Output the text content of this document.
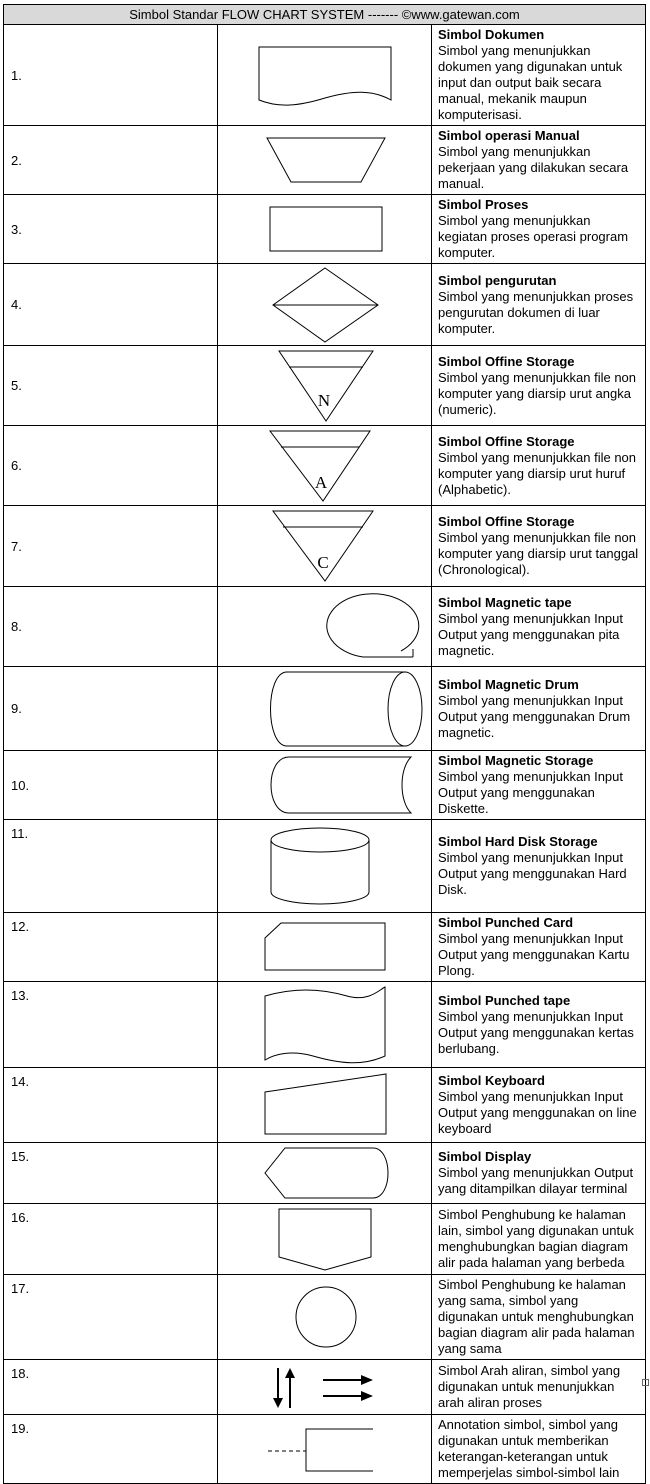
Simbol Standar FLOW CHART SYSTEM ------- ©www.gatewan.com		
1.		Simbol Dokumen
Simbol yang menunjukkan dokumen yang digunakan untuk input dan output baik secara manual, mekanik maupun komputerisasi.
2.		Simbol operasi Manual
Simbol yang menunjukkan pekerjaan yang dilakukan secara manual.
3.		Simbol Proses
Simbol yang menunjukkan kegiatan proses operasi program komputer.
4.		Simbol pengurutan
Simbol yang menunjukkan proses pengurutan dokumen di luar komputer.
5.	N	Simbol Offine Storage
Simbol yang menunjukkan file non komputer yang diarsip urut angka (numeric).
6.	A	Simbol Offine Storage
Simbol yang menunjukkan file non komputer yang diarsip urut huruf (Alphabetic).
7.	C	Simbol Offine Storage
Simbol yang menunjukkan file non komputer yang diarsip urut tanggal (Chronological).
8.		Simbol Magnetic tape
Simbol yang menunjukkan Input Output yang menggunakan pita magnetic.
9.		Simbol Magnetic Drum
Simbol yang menunjukkan Input Output yang menggunakan Drum magnetic.
10.		Simbol Magnetic Storage
Simbol yang menunjukkan Input Output yang menggunakan Diskette.
11.		Simbol Hard Disk Storage
Simbol yang menunjukkan Input Output yang menggunakan Hard Disk.
12.		Simbol Punched Card
Simbol yang menunjukkan Input Output yang menggunakan Kartu Plong.
13.		Simbol Punched tape
Simbol yang menunjukkan Input Output yang menggunakan kertas berlubang.
14.		Simbol Keyboard
Simbol yang menunjukkan Input Output yang menggunakan on line keyboard
15.		Simbol Display
Simbol yang menunjukkan Output yang ditampilkan dilayar terminal
16.		Simbol Penghubung ke halaman lain, simbol yang digunakan untuk menghubungkan bagian diagram alir pada halaman yang berbeda
17.		Simbol Penghubung ke halaman yang sama, simbol yang digunakan untuk menghubungkan bagian diagram alir pada halaman yang sama
18.		Simbol Arah aliran, simbol yang digunakan untuk menunjukkan arah aliran proses
19.		Annotation simbol, simbol yang digunakan untuk memberikan keterangan-keterangan untuk memperjelas simbol-simbol lain
